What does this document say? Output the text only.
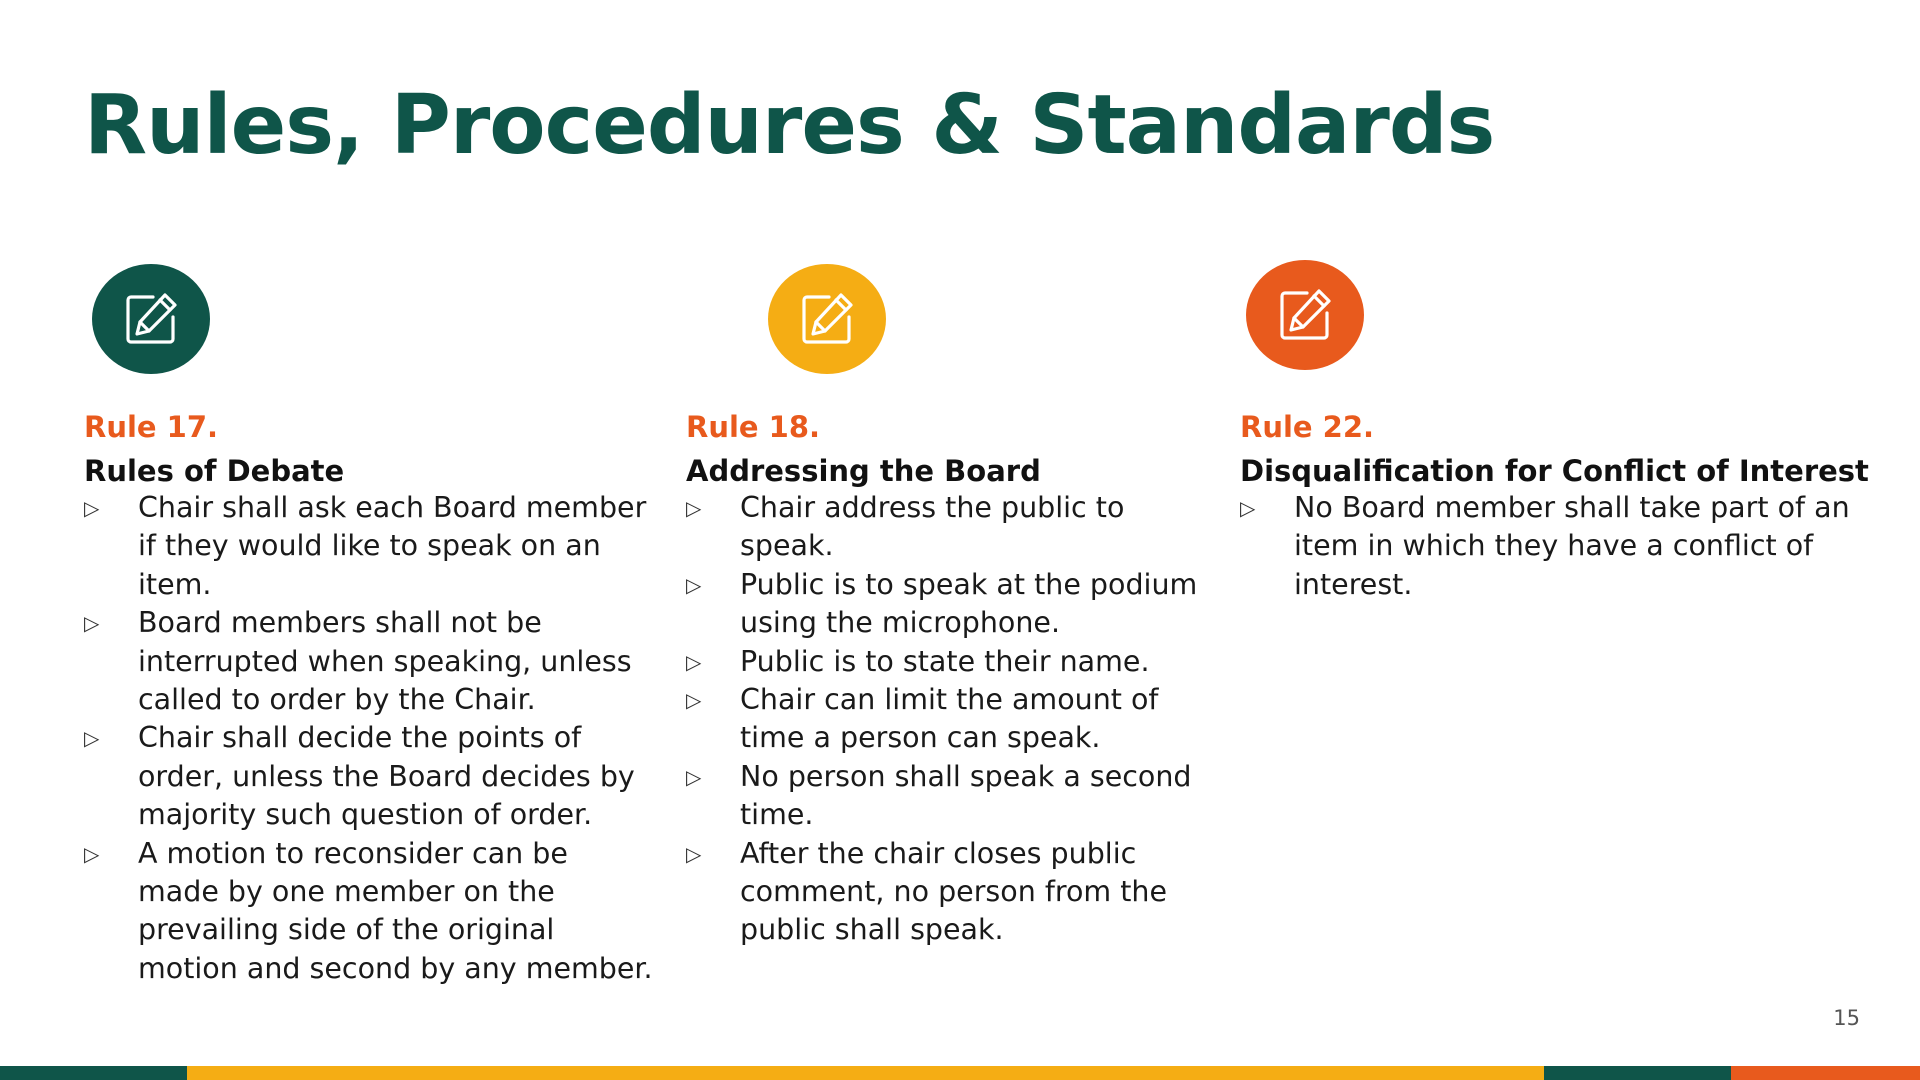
Rules, Procedures & Standards
Rule 17.
Rules of Debate
▷ Chair shall ask each Board member if they would like to speak on an item.
▷ Board members shall not be interrupted when speaking, unless called to order by the Chair.
▷ Chair shall decide the points of order, unless the Board decides by majority such question of order.
▷ A motion to reconsider can be made by one member on the prevailing side of the original motion and second by any member.
Rule 18.
Addressing the Board
▷ Chair address the public to speak.
▷ Public is to speak at the podium using the microphone.
▷ Public is to state their name.
▷ Chair can limit the amount of time a person can speak.
▷ No person shall speak a second time.
▷ After the chair closes public comment, no person from the public shall speak.
Rule 22.
Disqualification for Conflict of Interest
▷ No Board member shall take part of an item in which they have a conflict of interest.
15
